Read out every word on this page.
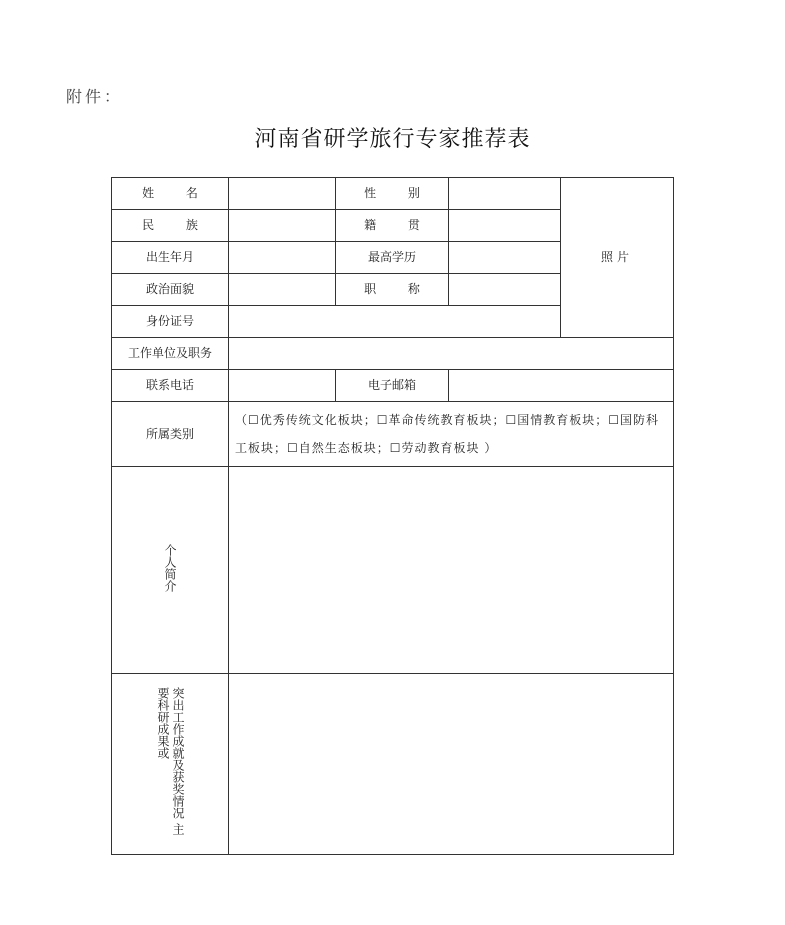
附件：
河南省研学旅行专家推荐表
姓 名		性 别		照片
民 族		籍 贯		
出生年月		最高学历		
政治面貌		职 称		
身份证号				
工作单位及职务				
联系电话		电子邮箱		
所属类别	（☐优秀传统文化板块；☐革命传统教育板块；☐国情教育板块；☐国防科工板块；☐自然生态板块；☐劳动教育板块 ）			
个人简介				
突出工作成就及获奖情况 主要科研成果或				
